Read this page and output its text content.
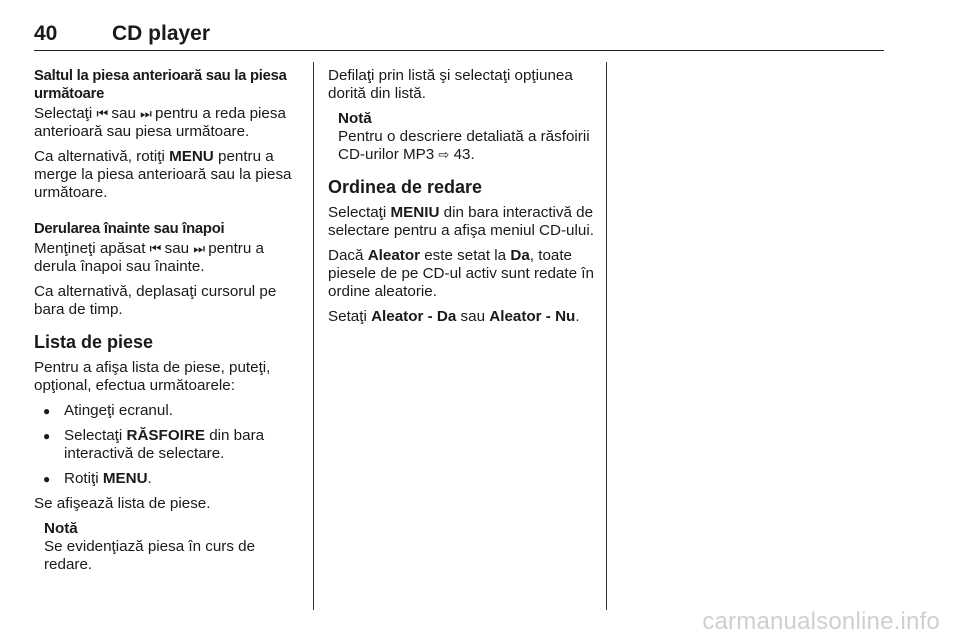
40	CD player

Saltul la piesa anterioară sau la piesa următoare

Selectaţi ⏮ sau ⏭ pentru a reda piesa anterioară sau piesa următoare.

Ca alternativă, rotiţi MENU pentru a merge la piesa anterioară sau la piesa următoare.

Derularea înainte sau înapoi

Menţineţi apăsat ⏮ sau ⏭ pentru a derula înapoi sau înainte.

Ca alternativă, deplasaţi cursorul pe bara de timp.

Lista de piese

Pentru a afişa lista de piese, puteţi, opţional, efectua următoarele:

● Atingeţi ecranul.
● Selectaţi RĂSFOIRE din bara interactivă de selectare.
● Rotiţi MENU.

Se afişează lista de piese.

Notă
Se evidenţiază piesa în curs de redare.

Defilaţi prin listă şi selectaţi opţiunea dorită din listă.

Notă
Pentru o descriere detaliată a răsfoirii CD-urilor MP3 ⇨ 43.

Ordinea de redare

Selectaţi MENIU din bara interactivă de selectare pentru a afişa meniul CD-ului.

Dacă Aleator este setat la Da, toate piesele de pe CD-ul activ sunt redate în ordine aleatorie.

Setaţi Aleator - Da sau Aleator - Nu.

carmanualsonline.info
